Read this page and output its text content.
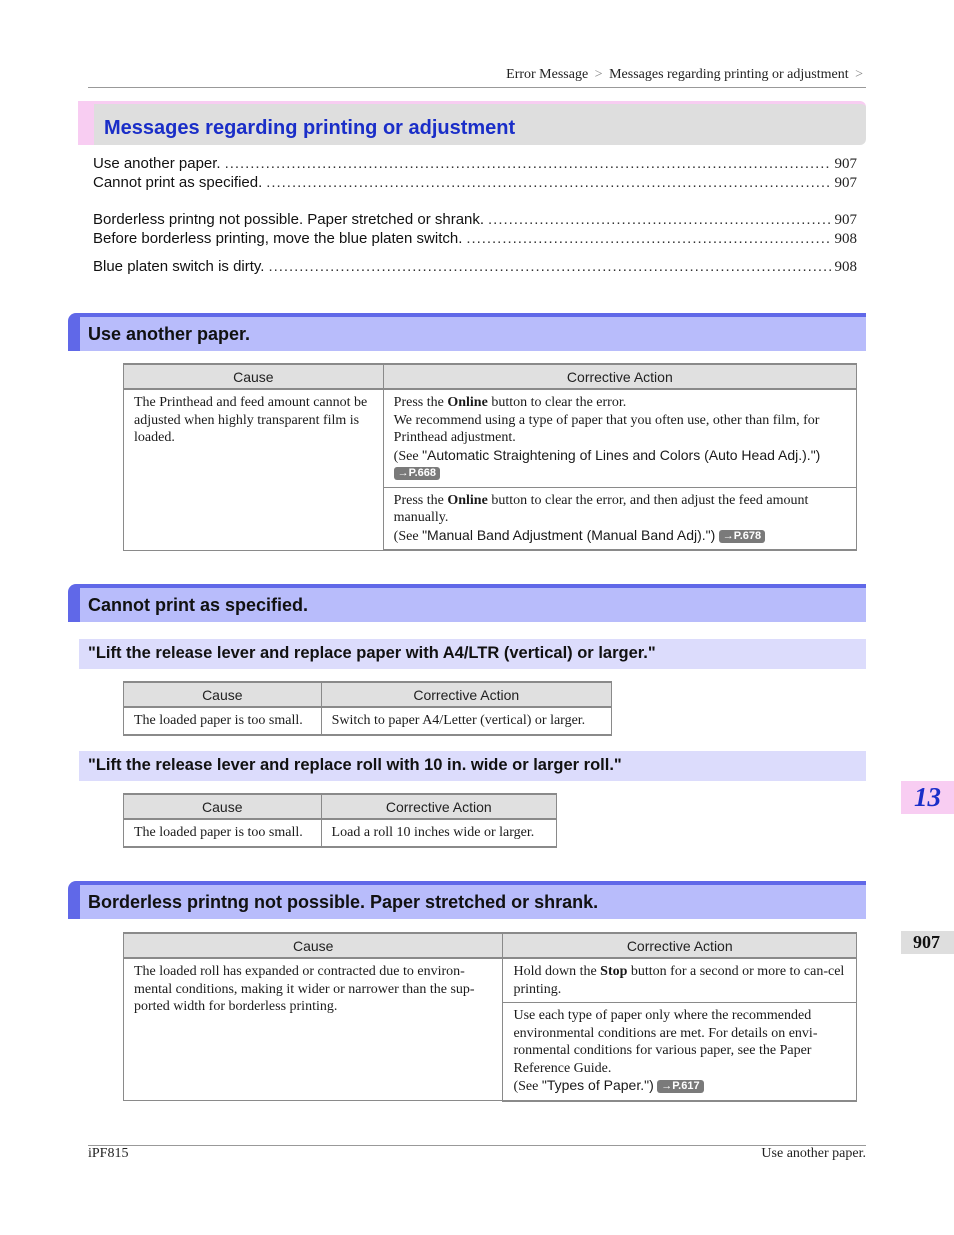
Error Message > Messages regarding printing or adjustment >
Messages regarding printing or adjustment
Use another paper. . . .	907
Cannot print as specified. . . .	907
Borderless printng not possible. Paper stretched or shrank. . . .	907
Before borderless printing, move the blue platen switch. . . .	908
Blue platen switch is dirty. . . .	908
Use another paper.
Cause	Corrective Action
The Printhead and feed amount cannot be adjusted when highly transparent film is loaded.	Press the Online button to clear the error.
We recommend using a type of paper that you often use, other than film, for Printhead adjustment.
(See "Automatic Straightening of Lines and Colors (Auto Head Adj.).")
→P.668
	Press the Online button to clear the error, and then adjust the feed amount manually.
(See "Manual Band Adjustment (Manual Band Adj).") →P.678
Cannot print as specified.
"Lift the release lever and replace paper with A4/LTR (vertical) or larger."
Cause	Corrective Action
The loaded paper is too small.	Switch to paper A4/Letter (vertical) or larger.
"Lift the release lever and replace roll with 10 in. wide or larger roll."
Cause	Corrective Action
The loaded paper is too small.	Load a roll 10 inches wide or larger.
Borderless printng not possible. Paper stretched or shrank.
Cause	Corrective Action
The loaded roll has expanded or contracted due to environ-mental conditions, making it wider or narrower than the sup-ported width for borderless printing.	Hold down the Stop button for a second or more to can-cel printing.
	Use each type of paper only where the recommended environmental conditions are met. For details on envi-ronmental conditions for various paper, see the Paper Reference Guide.
(See "Types of Paper.") →P.617
13
907
iPF815	Use another paper.
